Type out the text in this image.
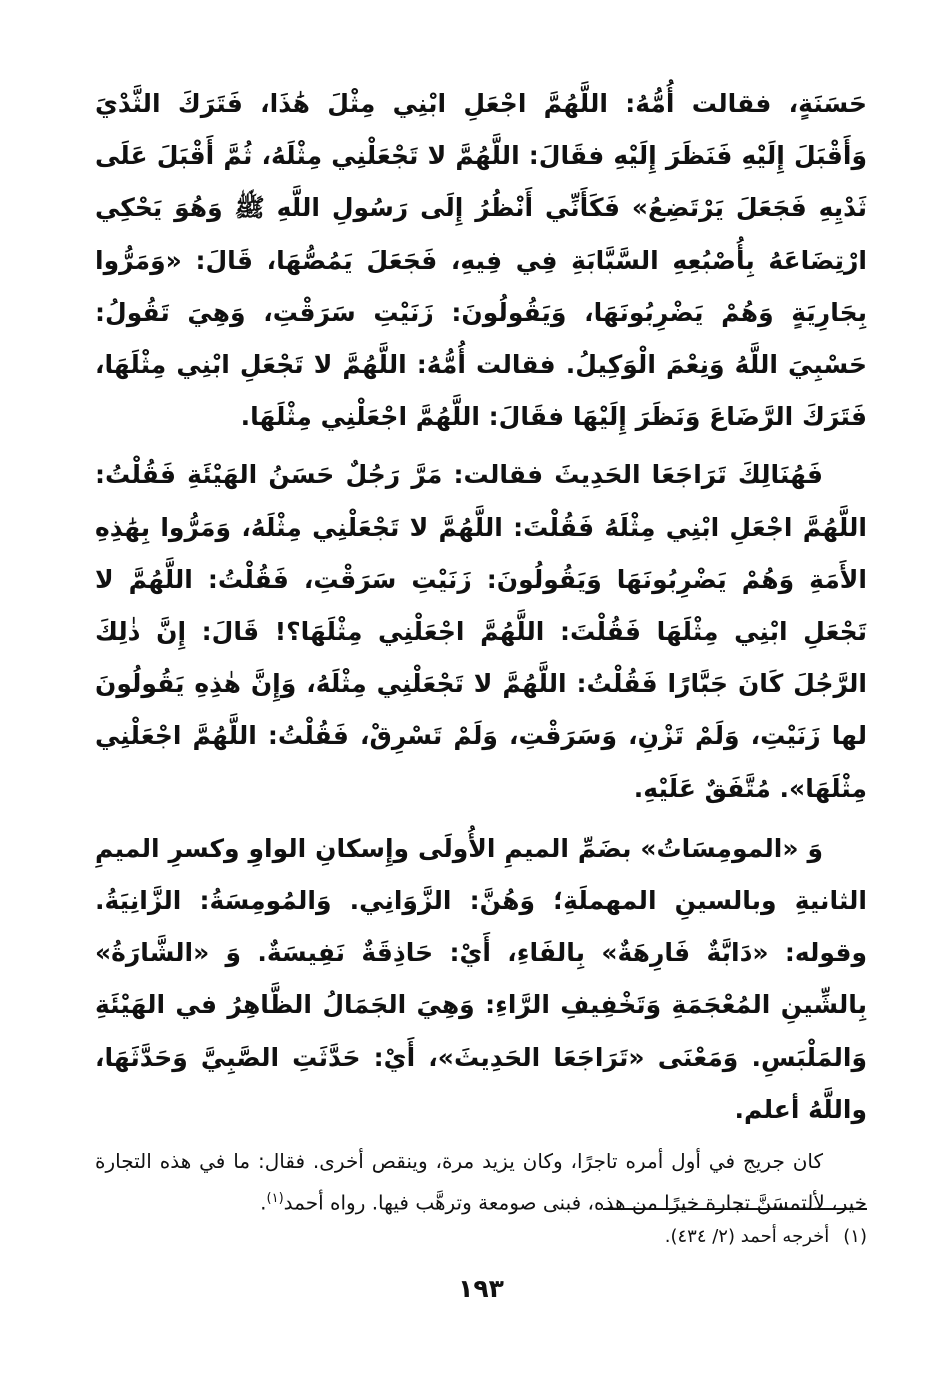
حَسَنَةٍ، فقالت أُمُّهُ: اللَّهُمَّ اجْعَلِ ابْنِي مِثْلَ هَٰذَا، فَتَرَكَ الثَّدْيَ وَأَقْبَلَ إِلَيْهِ فَنَظَرَ إِلَيْهِ فقَالَ: اللَّهُمَّ لا تَجْعَلْنِي مِثْلَهُ، ثُمَّ أَقْبَلَ عَلَى ثَدْيِهِ فَجَعَلَ يَرْتَضِعُ» فَكَأَنِّي أَنْظُرُ إِلَى رَسُولِ اللَّهِ ﷺ وَهُوَ يَحْكِي ارْتِضَاعَهُ بِأُصْبُعِهِ السَّبَّابَةِ فِي فِيهِ، فَجَعَلَ يَمُصُّهَا، قَالَ: «وَمَرُّوا بِجَارِيَةٍ وَهُمْ يَضْرِبُونَهَا، وَيَقُولُونَ: زَنَيْتِ سَرَقْتِ، وَهِيَ تَقُولُ: حَسْبِيَ اللَّهُ وَنِعْمَ الْوَكِيلُ. فقالت أُمُّهُ: اللَّهُمَّ لا تَجْعَلِ ابْنِي مِثْلَهَا، فَتَرَكَ الرَّضَاعَ وَنَظَرَ إِلَيْهَا فقَالَ: اللَّهُمَّ اجْعَلْنِي مِثْلَهَا.

فَهُنَالِكَ تَرَاجَعَا الحَدِيثَ فقالت: مَرَّ رَجُلٌ حَسَنُ الهَيْئَةِ فَقُلْتُ: اللَّهُمَّ اجْعَلِ ابْنِي مِثْلَهُ فَقُلْتَ: اللَّهُمَّ لا تَجْعَلْنِي مِثْلَهُ، وَمَرُّوا بِهَٰذِهِ الأَمَةِ وَهُمْ يَضْرِبُونَهَا وَيَقُولُونَ: زَنَيْتِ سَرَقْتِ، فَقُلْتُ: اللَّهُمَّ لا تَجْعَلِ ابْنِي مِثْلَهَا فَقُلْتَ: اللَّهُمَّ اجْعَلْنِي مِثْلَهَا؟! قَالَ: إِنَّ ذٰلِكَ الرَّجُلَ كَانَ جَبَّارًا فَقُلْتُ: اللَّهُمَّ لا تَجْعَلْنِي مِثْلَهُ، وَإِنَّ هٰذِهِ يَقُولُونَ لها زَنَيْتِ، وَلَمْ تَزْنِ، وَسَرَقْتِ، وَلَمْ تَسْرِقْ، فَقُلْتُ: اللَّهُمَّ اجْعَلْنِي مِثْلَهَا». مُتَّفَقٌ عَلَيْهِ.

وَ «المومِسَاتُ» بضَمِّ الميمِ الأُولَى وإِسكانِ الواوِ وكسرِ الميمِ الثانيةِ وبالسينِ المهملَةِ؛ وَهُنَّ: الزَّوَانِي. وَالمُومِسَةُ: الزَّانِيَةُ. وقوله: «دَابَّةٌ فَارِهَةٌ» بِالفَاءِ، أَيْ: حَاذِقَةٌ نَفِيسَةٌ. وَ «الشَّارَةُ» بِالشِّينِ المُعْجَمَةِ وَتَخْفِيفِ الرَّاءِ: وَهِيَ الجَمَالُ الظَّاهِرُ في الهَيْئَةِ وَالمَلْبَسِ. وَمَعْنَى «تَرَاجَعَا الحَدِيثَ»، أَيْ: حَدَّثَتِ الصَّبِيَّ وَحَدَّثَهَا، واللَّهُ أعلم.

كان جريج في أول أمره تاجرًا، وكان يزيد مرة، وينقص أخرى. فقال: ما في هذه التجارة خير، لألتمسَنَّ تجارة خيرًا من هذه، فبنى صومعة وترهَّب فيها. رواه أحمد$^{(١)}$.

(١)أخرجه أحمد (٢/ ٤٣٤).

١٩٣
